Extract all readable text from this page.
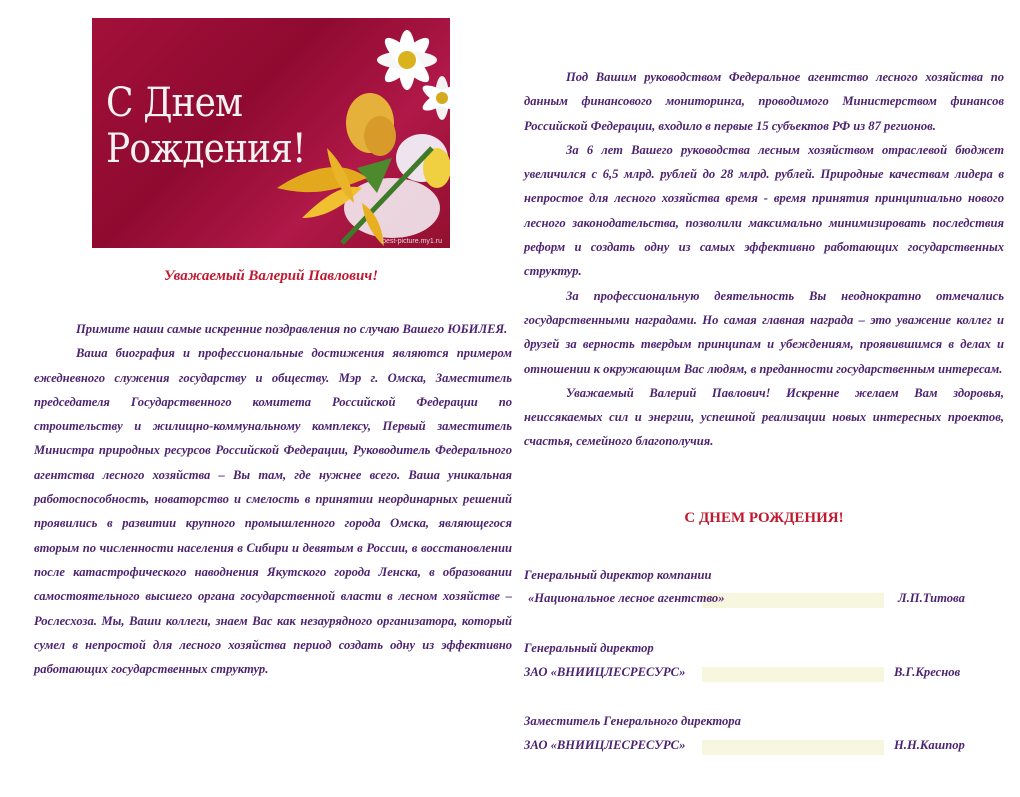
С Днем Рождения!
best-picture.my1.ru
Уважаемый Валерий Павлович!

Примите наши самые искренние поздравления по случаю Вашего ЮБИЛЕЯ.

Ваша биография и профессиональные достижения являются примером ежедневного служения государству и обществу. Мэр г. Омска, Заместитель председателя Государственного комитета Российской Федерации по строительству и жилищно-коммунальному комплексу, Первый заместитель Министра природных ресурсов Российской Федерации, Руководитель Федерального агентства лесного хозяйства – Вы там, где нужнее всего. Ваша уникальная работоспособность, новаторство и смелость в принятии неординарных решений проявились в развитии крупного промышленного города Омска, являющегося вторым по численности населения в Сибири и девятым в России, в восстановлении после катастрофического наводнения Якутского города Ленска, в образовании самостоятельного высшего органа государственной власти в лесном хозяйстве – Рослесхоза. Мы, Ваши коллеги, знаем Вас как незаурядного организатора, который сумел в непростой для лесного хозяйства период создать одну из эффективно работающих государственных структур.

Под Вашим руководством Федеральное агентство лесного хозяйства по данным финансового мониторинга, проводимого Министерством финансов Российской Федерации, входило в первые 15 субъектов РФ из 87 регионов.

За 6 лет Вашего руководства лесным хозяйством отраслевой бюджет увеличился с 6,5 млрд. рублей до 28 млрд. рублей. Природные качествам лидера в непростое для лесного хозяйства время - время принятия принципиально нового лесного законодательства, позволили максимально минимизировать последствия реформ и создать одну из самых эффективно работающих государственных структур.

За профессиональную деятельность Вы неоднократно отмечались государственными наградами. Но самая главная награда – это уважение коллег и друзей за верность твердым принципам и убеждениям, проявившимся в делах и отношении к окружающим Вас людям, в преданности государственным интересам.

Уважаемый Валерий Павлович! Искренне желаем Вам здоровья, неиссякаемых сил и энергии, успешной реализации новых интересных проектов, счастья, семейного благополучия.

С ДНЕМ РОЖДЕНИЯ!
Генеральный директор компании
«Национальное лесное агентство»	Л.П.Титова
Генеральный директор
ЗАО «ВНИИЦЛЕСРЕСУРС»	В.Г.Креснов
Заместитель Генерального директора
ЗАО «ВНИИЦЛЕСРЕСУРС»	Н.Н.Кашпор
